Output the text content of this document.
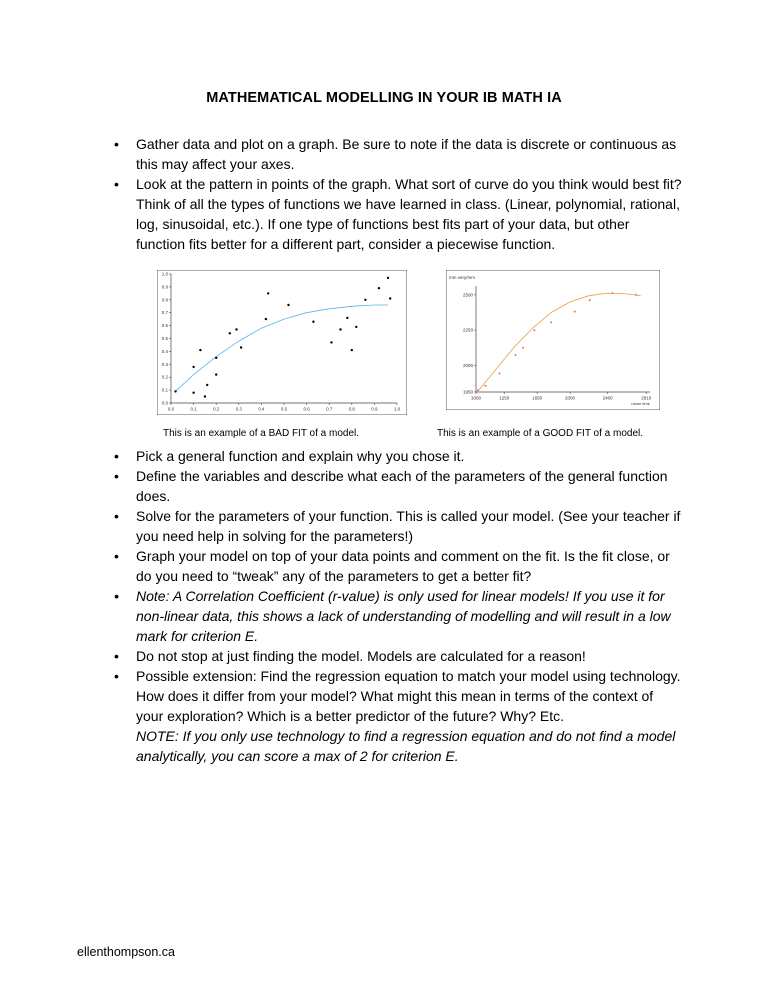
MATHEMATICAL MODELLING IN YOUR IB MATH IA
• Gather data and plot on a graph. Be sure to note if the data is discrete or continuous as this may affect your axes.
• Look at the pattern in points of the graph. What sort of curve do you think would best fit? Think of all the types of functions we have learned in class. (Linear, polynomial, rational, log, sinusoidal, etc.). If one type of functions best fits part of your data, but other function fits better for a different part, consider a piecewise function.
0.0	0.1	0.2	0.3	0.4	0.5	0.6	0.7	0.8	0.9	1.0
0.0
0.1
0.2
0.3
0.4
0.5
0.6
0.7
0.8
0.9
1.0
1000	1250	1650	2000	2400	2810
1950
2000
2250
2500
mm very/mm
name time
This is an example of a BAD FIT of a model.	This is an example of a GOOD FIT of a model.
• Pick a general function and explain why you chose it.
• Define the variables and describe what each of the parameters of the general function does.
• Solve for the parameters of your function. This is called your model. (See your teacher if you need help in solving for the parameters!)
• Graph your model on top of your data points and comment on the fit. Is the fit close, or do you need to “tweak” any of the parameters to get a better fit?
• Note: A Correlation Coefficient (r-value) is only used for linear models! If you use it for non-linear data, this shows a lack of understanding of modelling and will result in a low mark for criterion E.
• Do not stop at just finding the model. Models are calculated for a reason!
• Possible extension: Find the regression equation to match your model using technology. How does it differ from your model? What might this mean in terms of the context of your exploration? Which is a better predictor of the future? Why? Etc.
NOTE: If you only use technology to find a regression equation and do not find a model analytically, you can score a max of 2 for criterion E.
ellenthompson.ca
